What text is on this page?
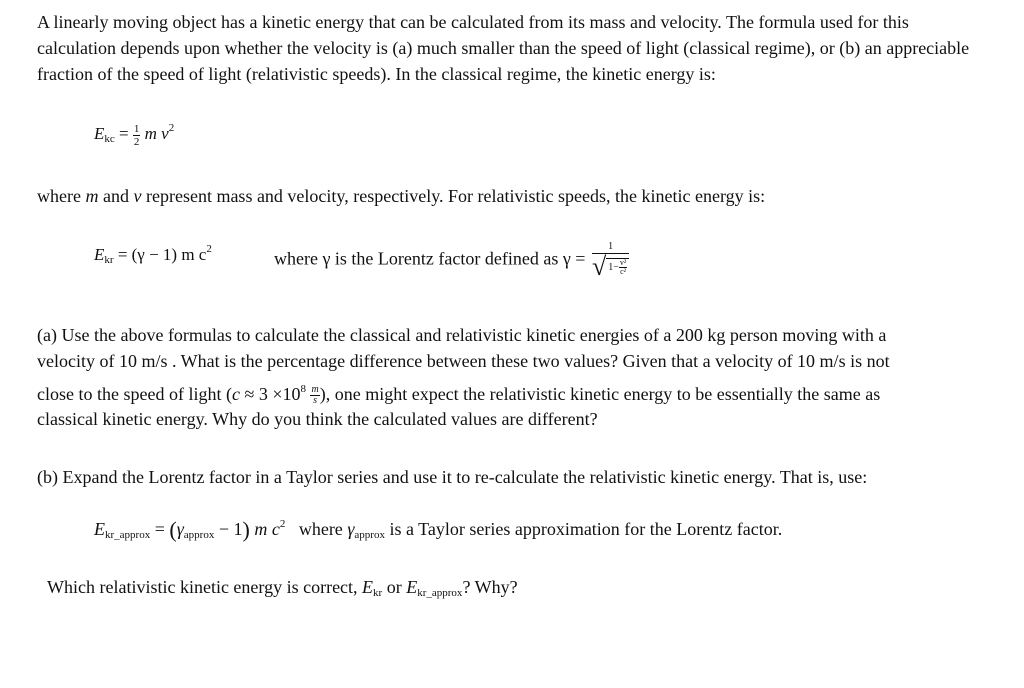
A linearly moving object has a kinetic energy that can be calculated from its mass and velocity. The formula used for this calculation depends upon whether the velocity is (a) much smaller than the speed of light (classical regime), or (b) an appreciable fraction of the speed of light (relativistic speeds). In the classical regime, the kinetic energy is:

$E_{kc} = \frac{1}{2}$ m $v^2$

where m and v represent mass and velocity, respectively. For relativistic speeds, the kinetic energy is:

$E_{kr} = (\gamma - 1)$ m $c^2$	where γ is the Lorentz factor defined as $\gamma = \frac{1}{√ 1- \frac{\text{v²}}{\text{c²}}}$
(a) Use the above formulas to calculate the classical and relativistic kinetic energies of a 200 kg person moving with a
velocity of 10 m/s . What is the percentage difference between these two values? Given that a velocity of 10 m/s is not
close to the speed of light ($c \approx 3 \times 10^8 \frac{m}{s}$ ), one might expect the relativistic kinetic energy to be essentially the same as
classical kinetic energy. Why do you think the calculated values are different?

(b) Expand the Lorentz factor in a Taylor series and use it to re-calculate the relativistic kinetic energy. That is, use:

$E_{kr\_approx} = (\gamma_{approx} - 1)$ m $c^2$ where $\gamma_{approx}$ is a Taylor series approximation for the Lorentz factor.
Which relativistic kinetic energy is correct, $E_{kr}$ or $E_{kr\_approx}$? Why?
